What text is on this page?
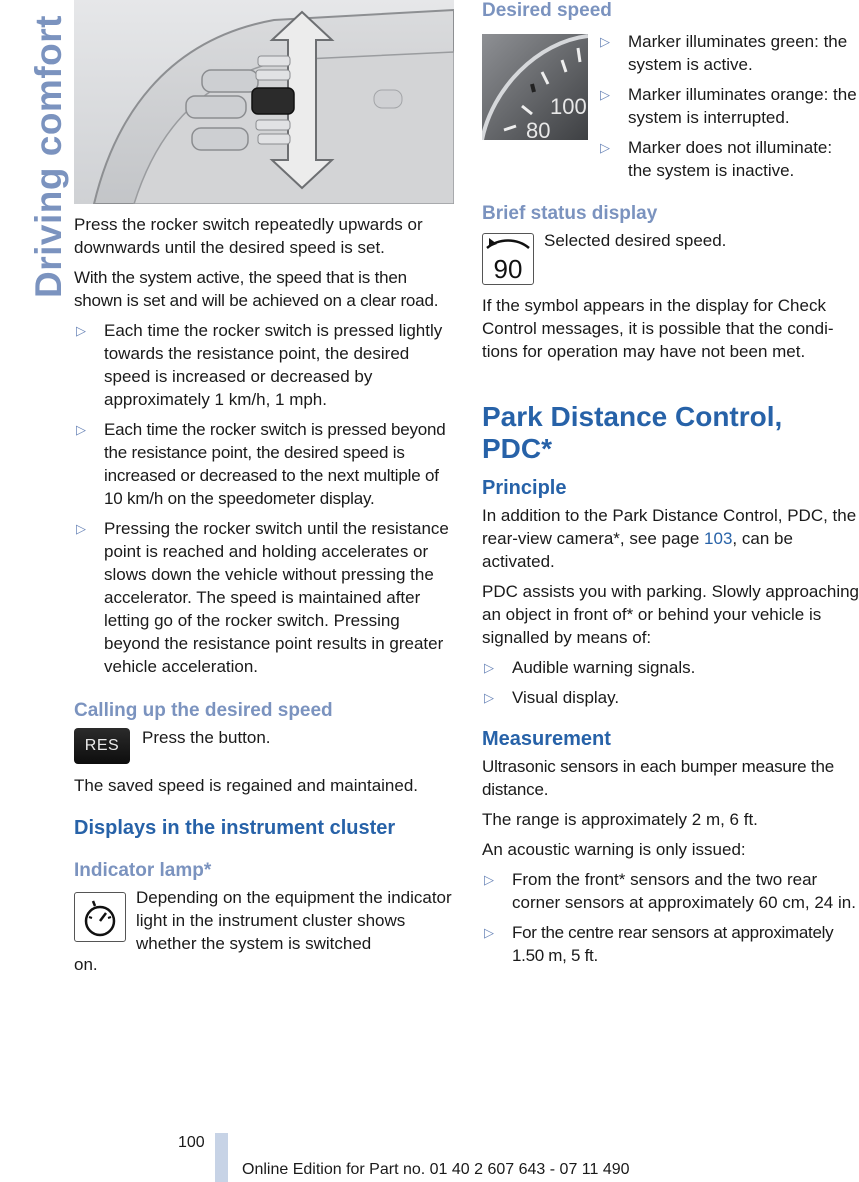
Driving comfort Press the rocker switch repeatedly upwards or downwards until the desired speed is set.

With the system active, the speed that is then shown is set and will be achieved on a clear road.

▷ Each time the rocker switch is pressed lightly towards the resistance point, the desired speed is increased or decreased by approximately 1 km/h, 1 mph.
▷ Each time the rocker switch is pressed beyond the resistance point, the desired speed is increased or decreased to the next multiple of 10 km/h on the speedometer display.
▷ Pressing the rocker switch until the resistance point is reached and holding accelerates or slows down the vehicle without pressing the accelerator. The speed is maintained after letting go of the rocker switch. Pressing beyond the resistance point results in greater vehicle acceleration.
Calling up the desired speed
RES	Press the button.

The saved speed is regained and maintained.

Displays in the instrument cluster
Indicator lamp*

Depending on the equipment the indicator light in the instrument cluster shows whether the system is switched

on.

Desired speed
100
80
▷ Marker illuminates green: the system is active.
▷ Marker illuminates orange: the system is interrupted.
▷ Marker does not illuminate: the system is inactive.
Brief status display
90

Selected desired speed.

If the symbol appears in the display for Check Control messages, it is possible that the conditions for operation may have not been met.

Park Distance Control, PDC*
Principle

In addition to the Park Distance Control, PDC, the rear-view camera*, see page 103, can be activated.

PDC assists you with parking. Slowly approaching an object in front of* or behind your vehicle is signalled by means of:

▷ Audible warning signals.
▷ Visual display.
Measurement

Ultrasonic sensors in each bumper measure the distance.

The range is approximately 2 m, 6 ft.

An acoustic warning is only issued:

▷ From the front* sensors and the two rear corner sensors at approximately 60 cm, 24 in.
▷ For the centre rear sensors at approximately 1.50 m, 5 ft.
100
Online Edition for Part no. 01 40 2 607 643 - 07 11 490
